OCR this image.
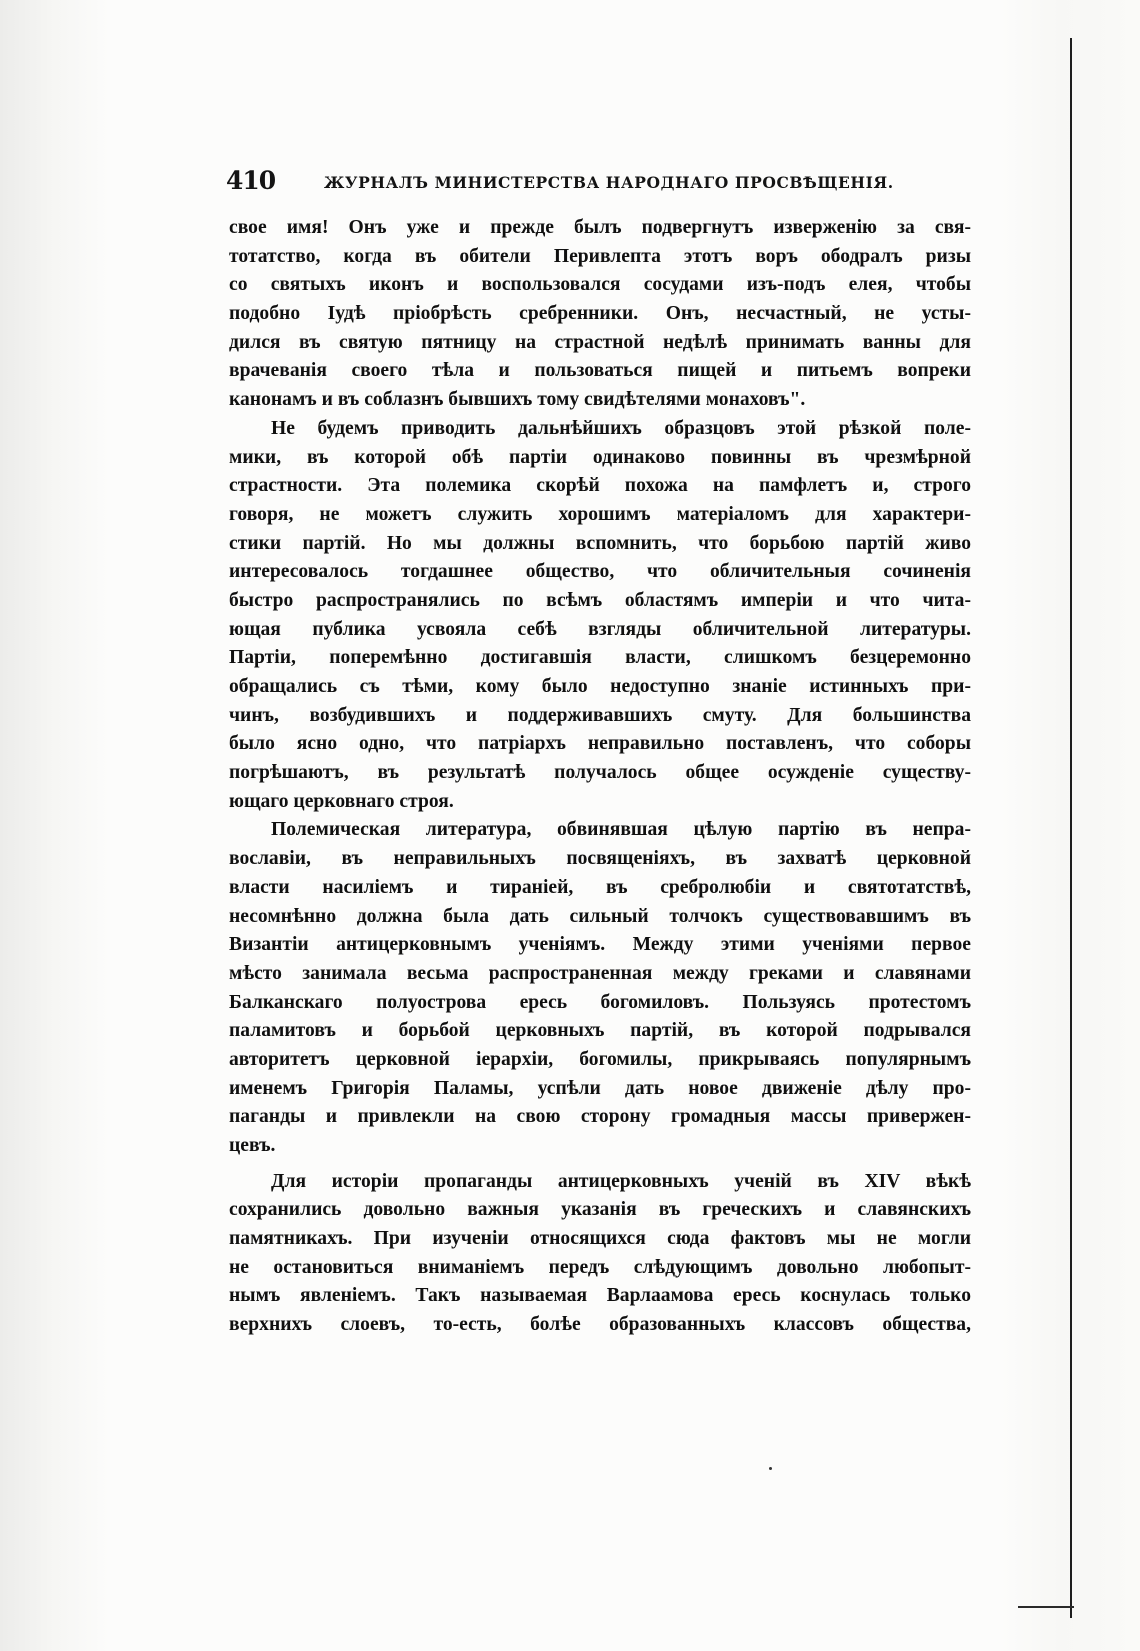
410	ЖУРНАЛЪ МИНИСТЕРСТВА НАРОДНАГО ПРОСВѢЩЕНІЯ.
свое имя! Онъ уже и прежде былъ подвергнутъ изверженію за свя-
тотатство, когда въ обители Перивлепта этотъ воръ ободралъ ризы
со святыхъ иконъ и воспользовался сосудами изъ-подъ елея, чтобы
подобно Іудѣ пріобрѣсть сребренники. Онъ, несчастный, не усты-
дился въ святую пятницу на страстной недѣлѣ принимать ванны для
врачеванія своего тѣла и пользоваться пищей и питьемъ вопреки
канонамъ и въ соблазнъ бывшихъ тому свидѣтелями монаховъ".
Не будемъ приводить дальнѣйшихъ образцовъ этой рѣзкой поле-
мики, въ которой обѣ партіи одинаково повинны въ чрезмѣрной
страстности. Эта полемика скорѣй похожа на памфлетъ и, строго
говоря, не можетъ служить хорошимъ матеріаломъ для характери-
стики партій. Но мы должны вспомнить, что борьбою партій живо
интересовалось тогдашнее общество, что обличительныя сочиненія
быстро распространялись по всѣмъ областямъ имперіи и что чита-
ющая публика усвояла себѣ взгляды обличительной литературы.
Партіи, поперемѣнно достигавшія власти, слишкомъ безцеремонно
обращались съ тѣми, кому было недоступно знаніе истинныхъ при-
чинъ, возбудившихъ и поддерживавшихъ смуту. Для большинства
было ясно одно, что патріархъ неправильно поставленъ, что соборы
погрѣшаютъ, въ результатѣ получалось общее осужденіе существу-
ющаго церковнаго строя.
Полемическая литература, обвинявшая цѣлую партію въ непра-
вославіи, въ неправильныхъ посвященіяхъ, въ захватѣ церковной
власти насиліемъ и тираніей, въ сребролюбіи и святотатствѣ,
несомнѣнно должна была дать сильный толчокъ существовавшимъ въ
Византіи антицерковнымъ ученіямъ. Между этими ученіями первое
мѣсто занимала весьма распространенная между греками и славянами
Балканскаго полуострова ересь богомиловъ. Пользуясь протестомъ
паламитовъ и борьбой церковныхъ партій, въ которой подрывался
авторитетъ церковной іерархіи, богомилы, прикрываясь популярнымъ
именемъ Григорія Паламы, успѣли дать новое движеніе дѣлу про-
паганды и привлекли на свою сторону громадныя массы привержен-
цевъ.
Для исторіи пропаганды антицерковныхъ ученій въ XIV вѣкѣ
сохранились довольно важныя указанія въ греческихъ и славянскихъ
памятникахъ. При изученіи относящихся сюда фактовъ мы не могли
не остановиться вниманіемъ передъ слѣдующимъ довольно любопыт-
нымъ явленіемъ. Такъ называемая Варлаамова ересь коснулась только
верхнихъ слоевъ, то-есть, болѣе образованныхъ классовъ общества,
